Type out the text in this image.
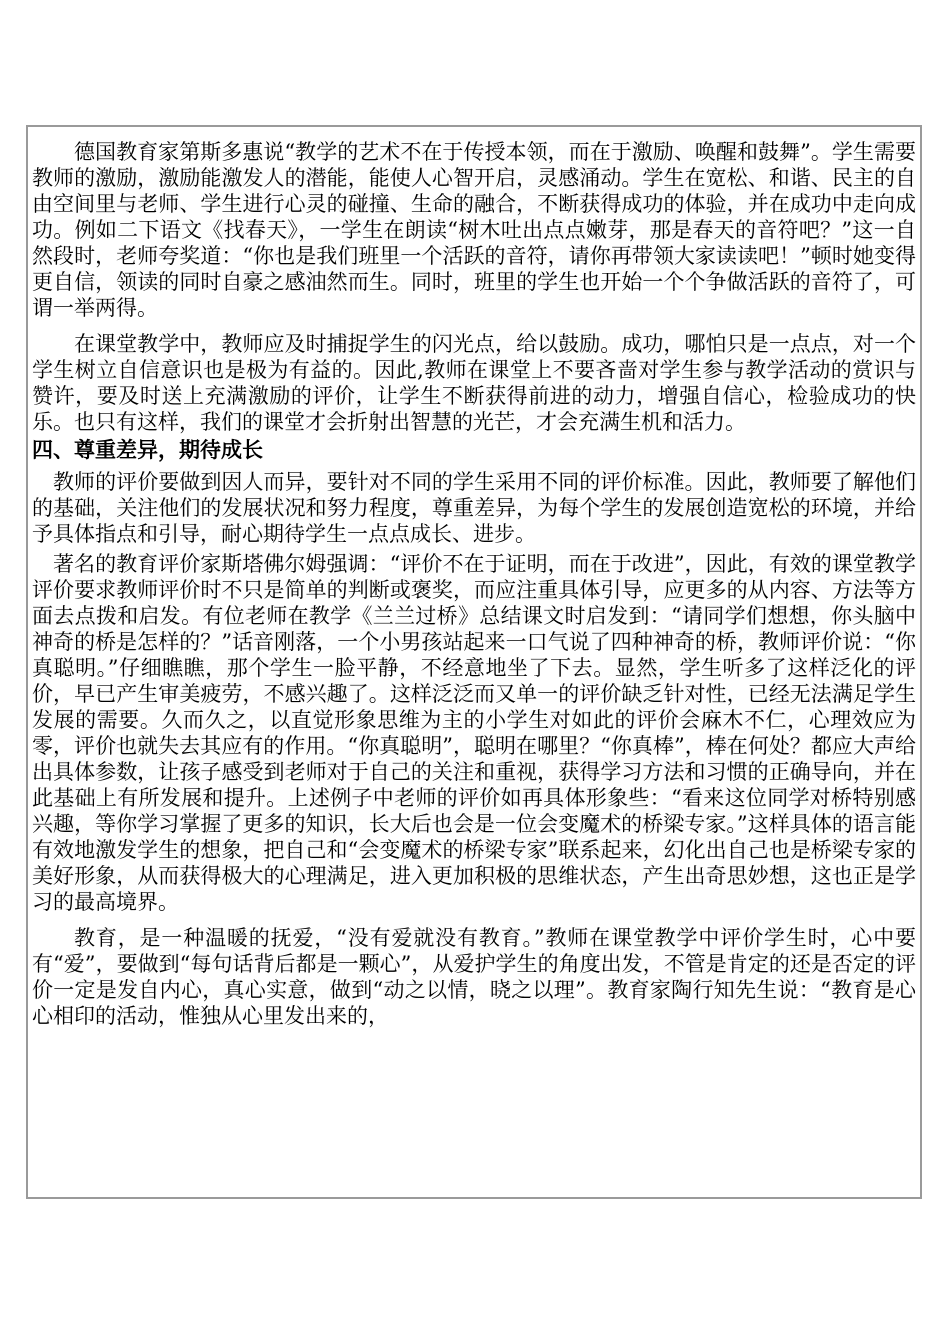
德国教育家第斯多惠说“教学的艺术不在于传授本领，而在于激励、唤醒和鼓舞”。学生需要教师的激励，激励能激发人的潜能，能使人心智开启，灵感涌动。学生在宽松、和谐、民主的自由空间里与老师、学生进行心灵的碰撞、生命的融合，不断获得成功的体验，并在成功中走向成功。例如二下语文《找春天》，一学生在朗读“树木吐出点点嫩芽，那是春天的音符吧？”这一自然段时，老师夸奖道：“你也是我们班里一个活跃的音符，请你再带领大家读读吧！”顿时她变得更自信，领读的同时自豪之感油然而生。同时，班里的学生也开始一个个争做活跃的音符了，可谓一举两得。

在课堂教学中，教师应及时捕捉学生的闪光点，给以鼓励。成功，哪怕只是一点点，对一个学生树立自信意识也是极为有益的。因此,教师在课堂上不要吝啬对学生参与教学活动的赏识与赞许，要及时送上充满激励的评价，让学生不断获得前进的动力，增强自信心，检验成功的快乐。也只有这样，我们的课堂才会折射出智慧的光芒，才会充满生机和活力。

四、尊重差异，期待成长

教师的评价要做到因人而异，要针对不同的学生采用不同的评价标准。因此，教师要了解他们的基础，关注他们的发展状况和努力程度，尊重差异，为每个学生的发展创造宽松的环境，并给予具体指点和引导，耐心期待学生一点点成长、进步。

著名的教育评价家斯塔佛尔姆强调：“评价不在于证明，而在于改进”，因此，有效的课堂教学评价要求教师评价时不只是简单的判断或褒奖，而应注重具体引导，应更多的从内容、方法等方面去点拨和启发。有位老师在教学《兰兰过桥》总结课文时启发到：“请同学们想想，你头脑中神奇的桥是怎样的？”话音刚落，一个小男孩站起来一口气说了四种神奇的桥，教师评价说：“你真聪明。”仔细瞧瞧，那个学生一脸平静，不经意地坐了下去。显然，学生听多了这样泛化的评价，早已产生审美疲劳，不感兴趣了。这样泛泛而又单一的评价缺乏针对性，已经无法满足学生发展的需要。久而久之，以直觉形象思维为主的小学生对如此的评价会麻木不仁，心理效应为零，评价也就失去其应有的作用。“你真聪明”，聪明在哪里？“你真棒”，棒在何处？都应大声给出具体参数，让孩子感受到老师对于自己的关注和重视，获得学习方法和习惯的正确导向，并在此基础上有所发展和提升。上述例子中老师的评价如再具体形象些：“看来这位同学对桥特别感兴趣，等你学习掌握了更多的知识，长大后也会是一位会变魔术的桥梁专家。”这样具体的语言能有效地激发学生的想象，把自己和“会变魔术的桥梁专家”联系起来，幻化出自己也是桥梁专家的美好形象，从而获得极大的心理满足，进入更加积极的思维状态，产生出奇思妙想，这也正是学习的最高境界。

教育，是一种温暖的抚爱，“没有爱就没有教育。”教师在课堂教学中评价学生时，心中要有“爱”，要做到“每句话背后都是一颗心”，从爱护学生的角度出发，不管是肯定的还是否定的评价一定是发自内心，真心实意，做到“动之以情，晓之以理”。教育家陶行知先生说：“教育是心心相印的活动，惟独从心里发出来的，
